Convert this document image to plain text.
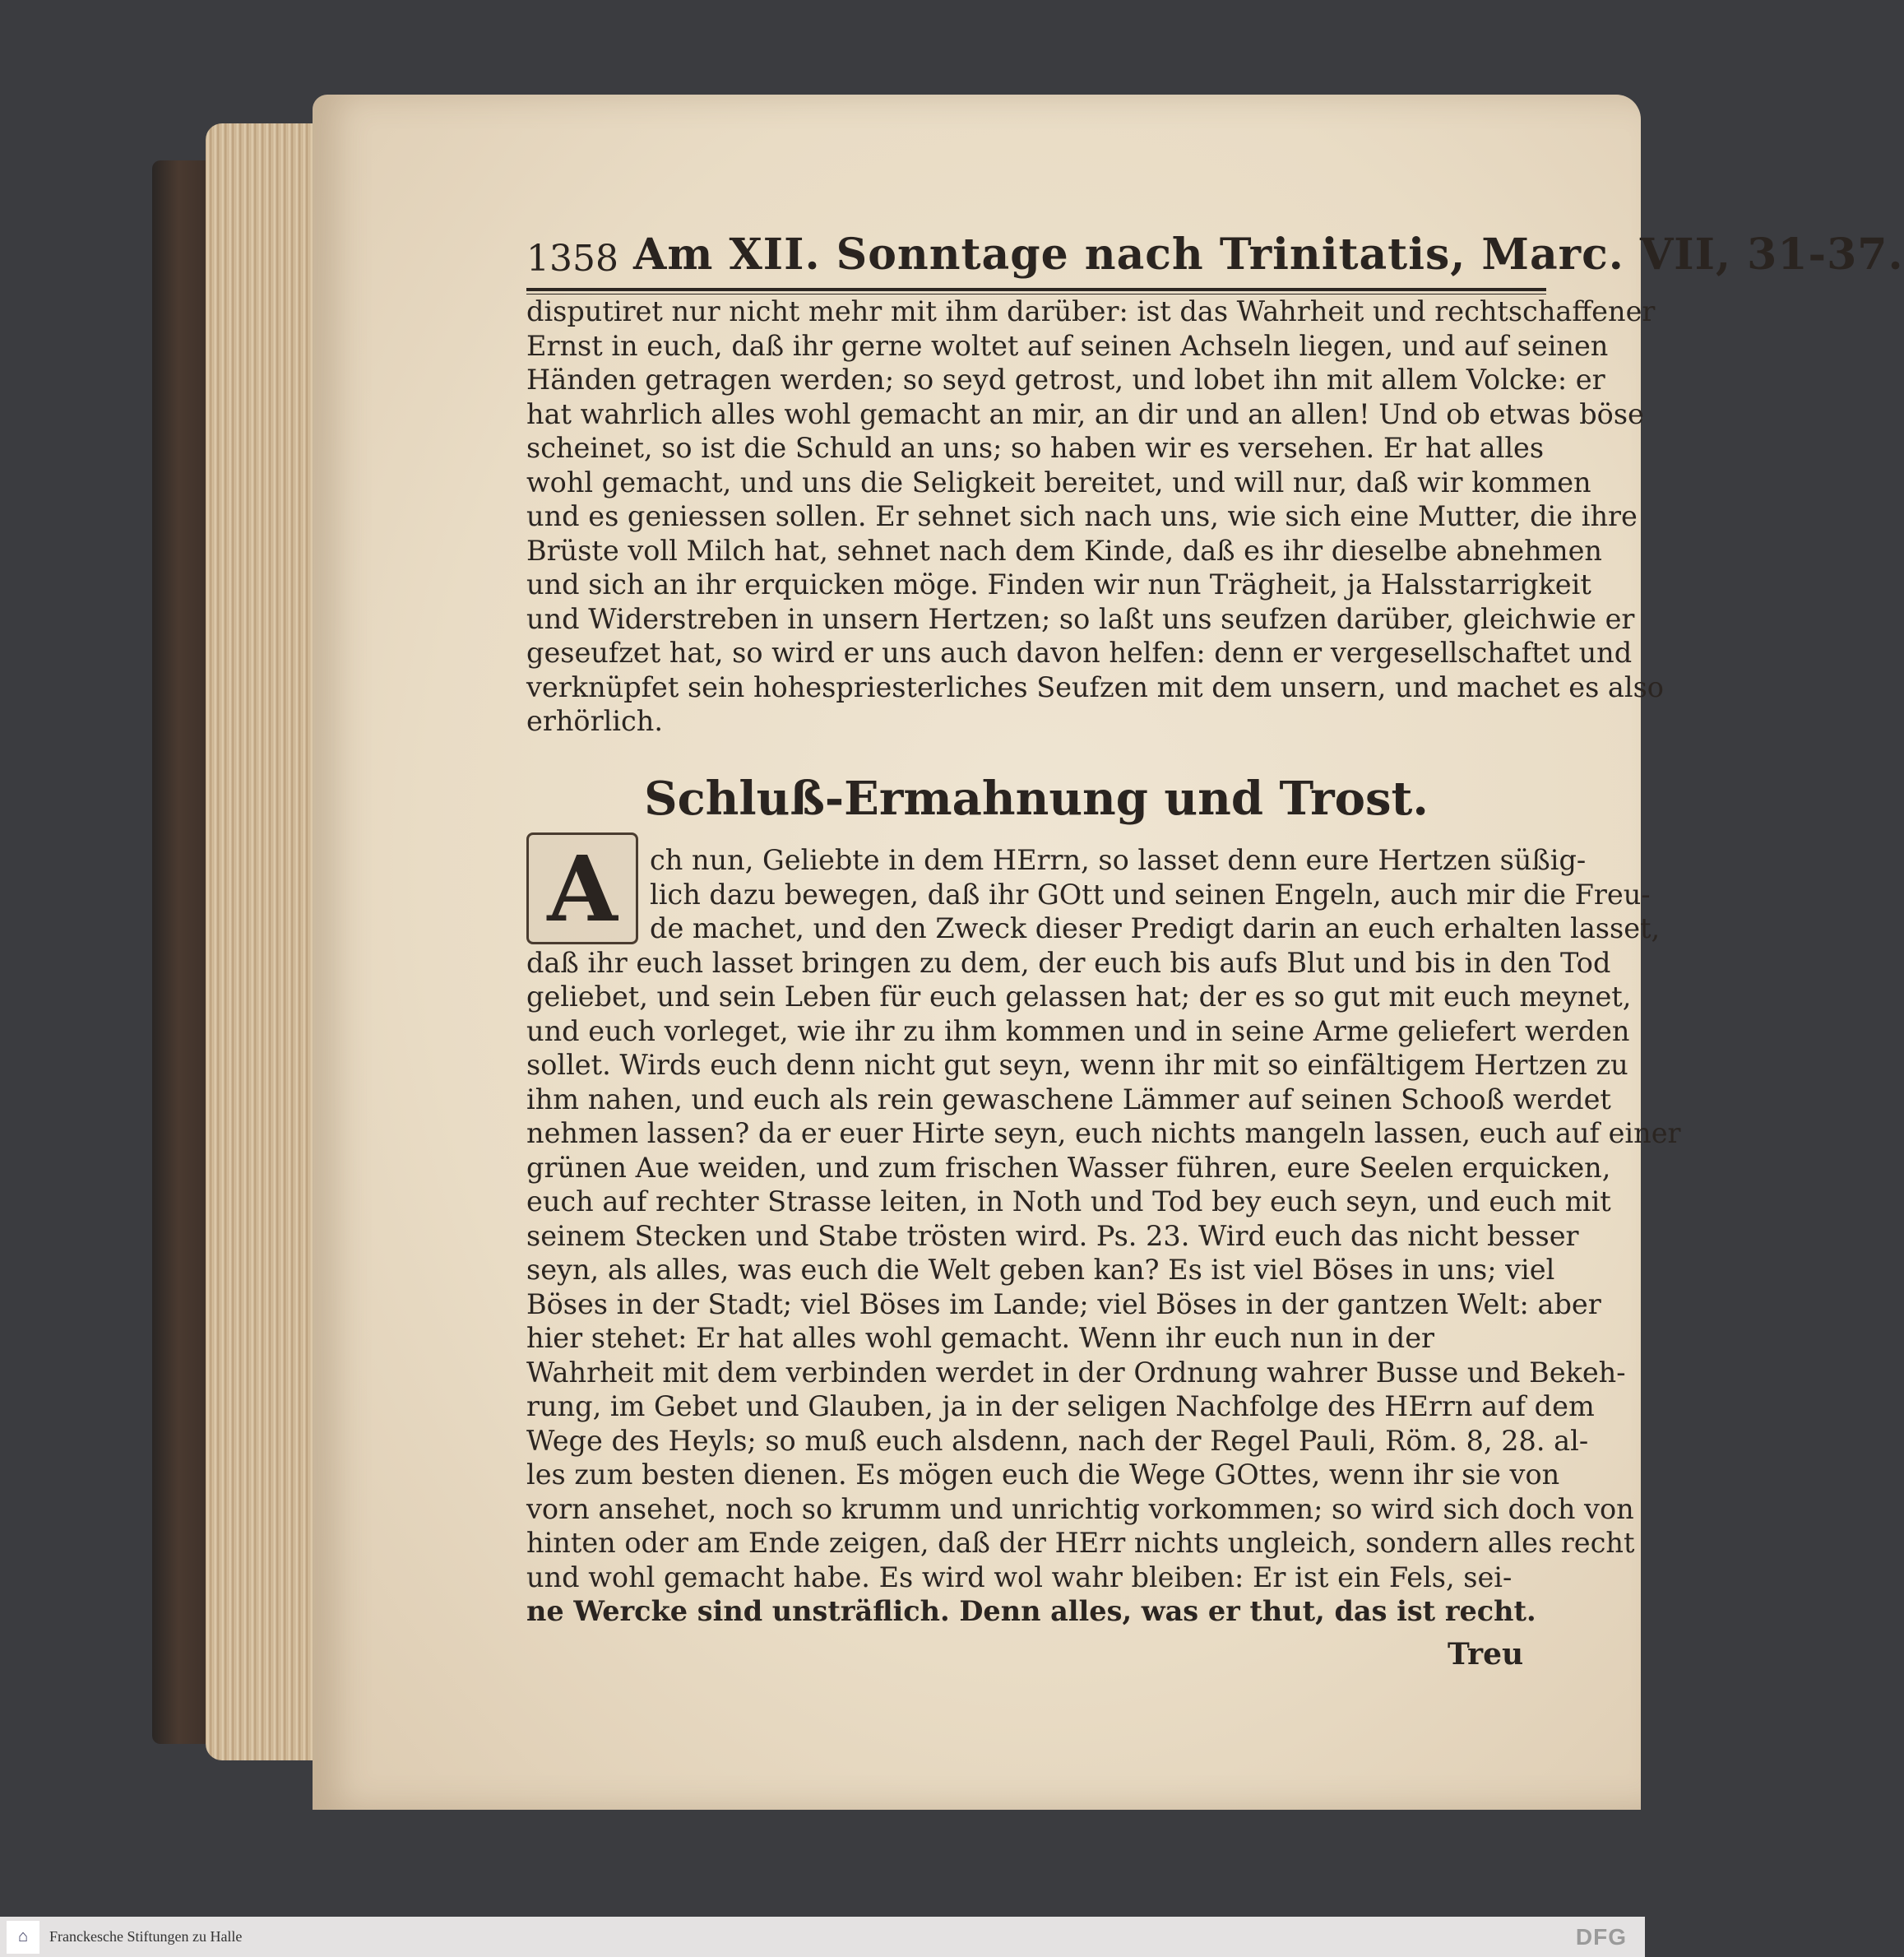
1358 Am XII. Sonntage nach Trinitatis, Marc. VII, 31-37.
disputiret nur nicht mehr mit ihm darüber: ist das Wahrheit und rechtschaffener
Ernst in euch, daß ihr gerne woltet auf seinen Achseln liegen, und auf seinen
Händen getragen werden; so seyd getrost, und lobet ihn mit allem Volcke: er
hat wahrlich alles wohl gemacht an mir, an dir und an allen! Und ob etwas böse
scheinet, so ist die Schuld an uns; so haben wir es versehen. Er hat alles
wohl gemacht, und uns die Seligkeit bereitet, und will nur, daß wir kommen
und es geniessen sollen. Er sehnet sich nach uns, wie sich eine Mutter, die ihre
Brüste voll Milch hat, sehnet nach dem Kinde, daß es ihr dieselbe abnehmen
und sich an ihr erquicken möge. Finden wir nun Trägheit, ja Halsstarrigkeit
und Widerstreben in unsern Hertzen; so laßt uns seufzen darüber, gleichwie er
geseufzet hat, so wird er uns auch davon helfen: denn er vergesellschaftet und
verknüpfet sein hohespriesterliches Seufzen mit dem unsern, und machet es also
erhörlich.
Schluß-Ermahnung und Trost.
A	ch nun, Geliebte in dem HErrn, so lasset denn eure Hertzen süßig-
lich dazu bewegen, daß ihr GOtt und seinen Engeln, auch mir die Freu-
de machet, und den Zweck dieser Predigt darin an euch erhalten lasset,
daß ihr euch lasset bringen zu dem, der euch bis aufs Blut und bis in den Tod
geliebet, und sein Leben für euch gelassen hat; der es so gut mit euch meynet,
und euch vorleget, wie ihr zu ihm kommen und in seine Arme geliefert werden
sollet. Wirds euch denn nicht gut seyn, wenn ihr mit so einfältigem Hertzen zu
ihm nahen, und euch als rein gewaschene Lämmer auf seinen Schooß werdet
nehmen lassen? da er euer Hirte seyn, euch nichts mangeln lassen, euch auf einer
grünen Aue weiden, und zum frischen Wasser führen, eure Seelen erquicken,
euch auf rechter Strasse leiten, in Noth und Tod bey euch seyn, und euch mit
seinem Stecken und Stabe trösten wird. Ps. 23. Wird euch das nicht besser
seyn, als alles, was euch die Welt geben kan? Es ist viel Böses in uns; viel
Böses in der Stadt; viel Böses im Lande; viel Böses in der gantzen Welt: aber
hier stehet: Er hat alles wohl gemacht. Wenn ihr euch nun in der
Wahrheit mit dem verbinden werdet in der Ordnung wahrer Busse und Bekeh-
rung, im Gebet und Glauben, ja in der seligen Nachfolge des HErrn auf dem
Wege des Heyls; so muß euch alsdenn, nach der Regel Pauli, Röm. 8, 28. al-
les zum besten dienen. Es mögen euch die Wege GOttes, wenn ihr sie von
vorn ansehet, noch so krumm und unrichtig vorkommen; so wird sich doch von
hinten oder am Ende zeigen, daß der HErr nichts ungleich, sondern alles recht
und wohl gemacht habe. Es wird wol wahr bleiben: Er ist ein Fels, sei-
ne Wercke sind unsträflich. Denn alles, was er thut, das ist recht.
Treu
⌂ Franckesche Stiftungen zu Halle	DFG
